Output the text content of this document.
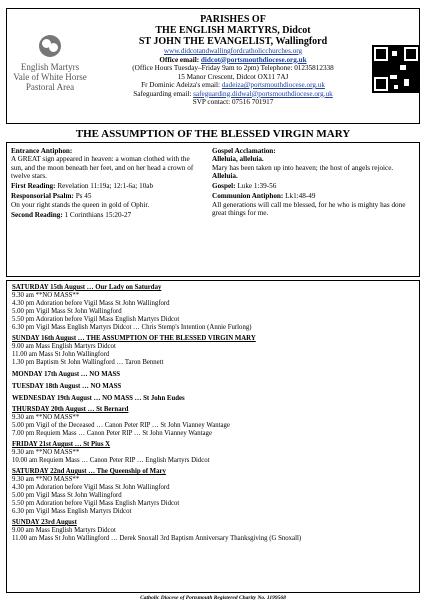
English Martyrs
Vale of White Horse
Pastoral Area
PARISHES OF
THE ENGLISH MARTYRS, Didcot
ST JOHN THE EVANGELIST, Wallingford
www.didcotandwallingfordcatholicchurches.org
Office email: didcot@portsmouthdiocese.org.uk
(Office Hours Tuesday–Friday 9am to 2pm) Telephone: 01235812338
15 Manor Crescent, Didcot OX11 7AJ
Fr Dominic Adeiza's email: dadeiza@portsmouthdiocese.org.uk
Safeguarding email: safeguarding.didwal@portsmouthdiocese.org.uk
SVP contact: 07516 701917
THE ASSUMPTION OF THE BLESSED VIRGIN MARY
Entrance Antiphon:
A GREAT sign appeared in heaven: a woman clothed with the sun, and the moon beneath her feet, and on her head a crown of twelve stars.
First Reading: Revelation 11:19a; 12:1-6a; 10ab
Responsorial Psalm: Ps 45
On your right stands the queen in gold of Ophir.
Second Reading: 1 Corinthians 15:20-27
Gospel Acclamation:
Alleluia, alleluia.
Mary has been taken up into heaven; the host of angels rejoice.
Alleluia.
Gospel: Luke 1:39-56
Communion Antiphon: Lk1:48-49
All generations will call me blessed, for he who is mighty has done great things for me.
SATURDAY 15th August … Our Lady on Saturday
9.30 am **NO MASS**
4.30 pm Adoration before Vigil Mass St John Wallingford
5.00 pm Vigil Mass St John Wallingford
5.50 pm Adoration before Vigil Mass English Martyrs Didcot
6.30 pm Vigil Mass English Martyrs Didcot … Chris Stemp's Intention (Annie Furlong)
SUNDAY 16th August … THE ASSUMPTION OF THE BLESSED VIRGIN MARY
9.00 am Mass English Martyrs Didcot
11.00 am Mass St John Wallingford
1.30 pm Baptism St John Wallingford … Taron Bennett
MONDAY 17th August … NO MASS
TUESDAY 18th August … NO MASS
WEDNESDAY 19th August … NO MASS … St John Eudes
THURSDAY 20th August … St Bernard
9.30 am **NO MASS**
5.00 pm Vigil of the Deceased … Canon Peter RIP … St John Vianney Wantage
7.00 pm Requiem Mass … Canon Peter RIP … St John Vianney Wantage
FRIDAY 21st August … St Pius X
9.30 am **NO MASS**
10.00 am Requiem Mass … Canon Peter RIP … English Martyrs Didcot
SATURDAY 22nd August … The Queenship of Mary
9.30 am **NO MASS**
4.30 pm Adoration before Vigil Mass St John Wallingford
5.00 pm Vigil Mass St John Wallingford
5.50 pm Adoration before Vigil Mass English Martyrs Didcot
6.30 pm Vigil Mass English Martyrs Didcot
SUNDAY 23rd August
9.00 am Mass English Martyrs Didcot
11.00 am Mass St John Wallingford … Derek Snoxall 3rd Baptism Anniversary Thanksgiving (G Snoxall)
Catholic Diocese of Portsmouth Registered Charity No. 1199568
